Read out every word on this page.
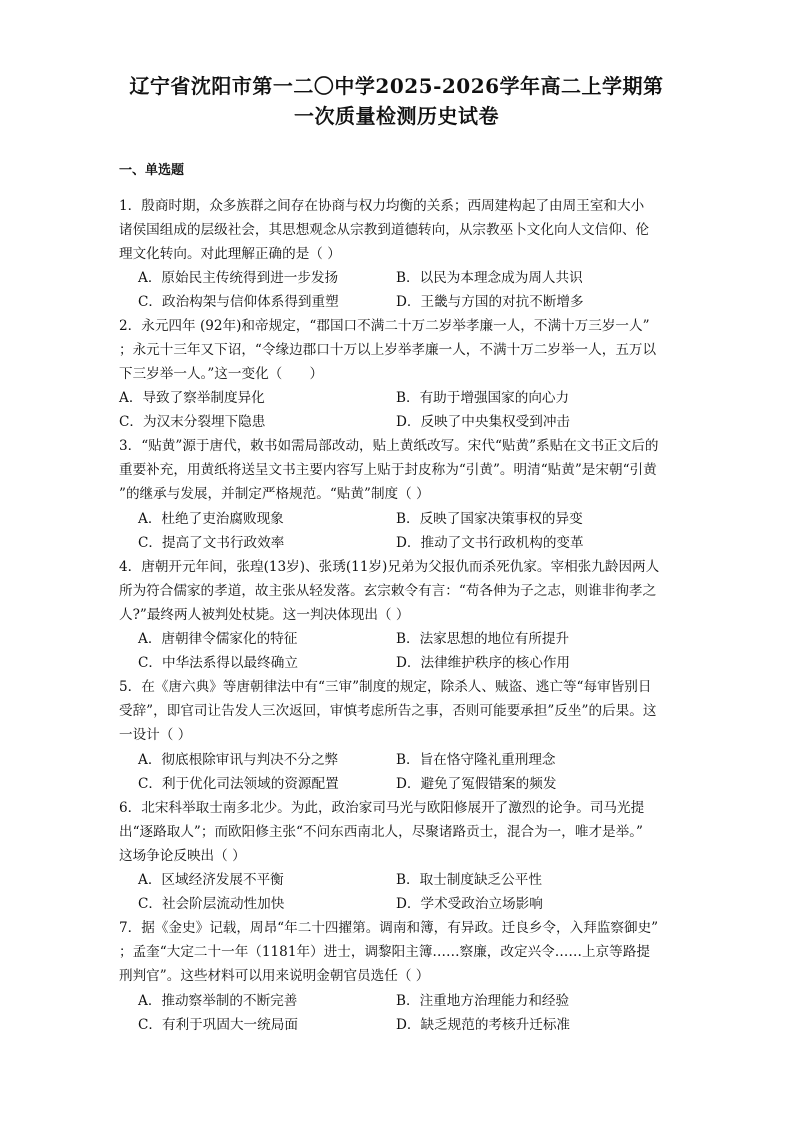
辽宁省沈阳市第一二〇中学2025-2026学年高二上学期第
一次质量检测历史试卷
一、单选题
1．殷商时期，众多族群之间存在协商与权力均衡的关系；西周建构起了由周王室和大小
诸侯国组成的层级社会，其思想观念从宗教到道德转向，从宗教巫卜文化向人文信仰、伦
理文化转向。对此理解正确的是（ ）
A．原始民主传统得到进一步发扬	B．以民为本理念成为周人共识
C．政治构架与信仰体系得到重塑	D．王畿与方国的对抗不断增多
2．永元四年 (92年)和帝规定，“郡国口不满二十万二岁举孝廉一人，不满十万三岁一人”
；永元十三年又下诏，“令缘边郡口十万以上岁举孝廉一人，不满十万二岁举一人，五万以
下三岁举一人。”这一变化（　　）
A．导致了察举制度异化	B．有助于增强国家的向心力
C．为汉末分裂埋下隐患	D．反映了中央集权受到冲击
3．“贴黄”源于唐代，敕书如需局部改动，贴上黄纸改写。宋代“贴黄”系贴在文书正文后的
重要补充，用黄纸将送呈文书主要内容写上贴于封皮称为“引黄”。明清“贴黄”是宋朝“引黄
”的继承与发展，并制定严格规范。“贴黄”制度（ ）
A．杜绝了吏治腐败现象	B．反映了国家决策事权的异变
C．提高了文书行政效率	D．推动了文书行政机构的变革
4．唐朝开元年间，张瑝(13岁)、张琇(11岁)兄弟为父报仇而杀死仇家。宰相张九龄因两人
所为符合儒家的孝道，故主张从轻发落。玄宗敕令有言：“苟各伸为子之志，则谁非徇孝之
人?”最终两人被判处杖毙。这一判决体现出（ ）
A．唐朝律令儒家化的特征	B．法家思想的地位有所提升
C．中华法系得以最终确立	D．法律维护秩序的核心作用
5．在《唐六典》等唐朝律法中有“三审”制度的规定，除杀人、贼盗、逃亡等“每审皆别日
受辞”，即官司让告发人三次返回，审慎考虑所告之事，否则可能要承担”反坐”的后果。这
一设计（ ）
A．彻底根除审讯与判决不分之弊	B．旨在恪守隆礼重刑理念
C．利于优化司法领域的资源配置	D．避免了冤假错案的频发
6．北宋科举取士南多北少。为此，政治家司马光与欧阳修展开了激烈的论争。司马光提
出“逐路取人”；而欧阳修主张“不问东西南北人，尽聚诸路贡士，混合为一，唯才是举。”
这场争论反映出（ ）
A．区域经济发展不平衡	B．取士制度缺乏公平性
C．社会阶层流动性加快	D．学术受政治立场影响
7．据《金史》记载，周昂“年二十四擢第。调南和簿，有异政。迁良乡令，入拜监察御史”
；孟奎“大定二十一年（1181年）进士，调黎阳主簿……察廉，改定兴令……上京等路提
刑判官”。这些材料可以用来说明金朝官员选任（ ）
A．推动察举制的不断完善	B．注重地方治理能力和经验
C．有利于巩固大一统局面	D．缺乏规范的考核升迁标准
